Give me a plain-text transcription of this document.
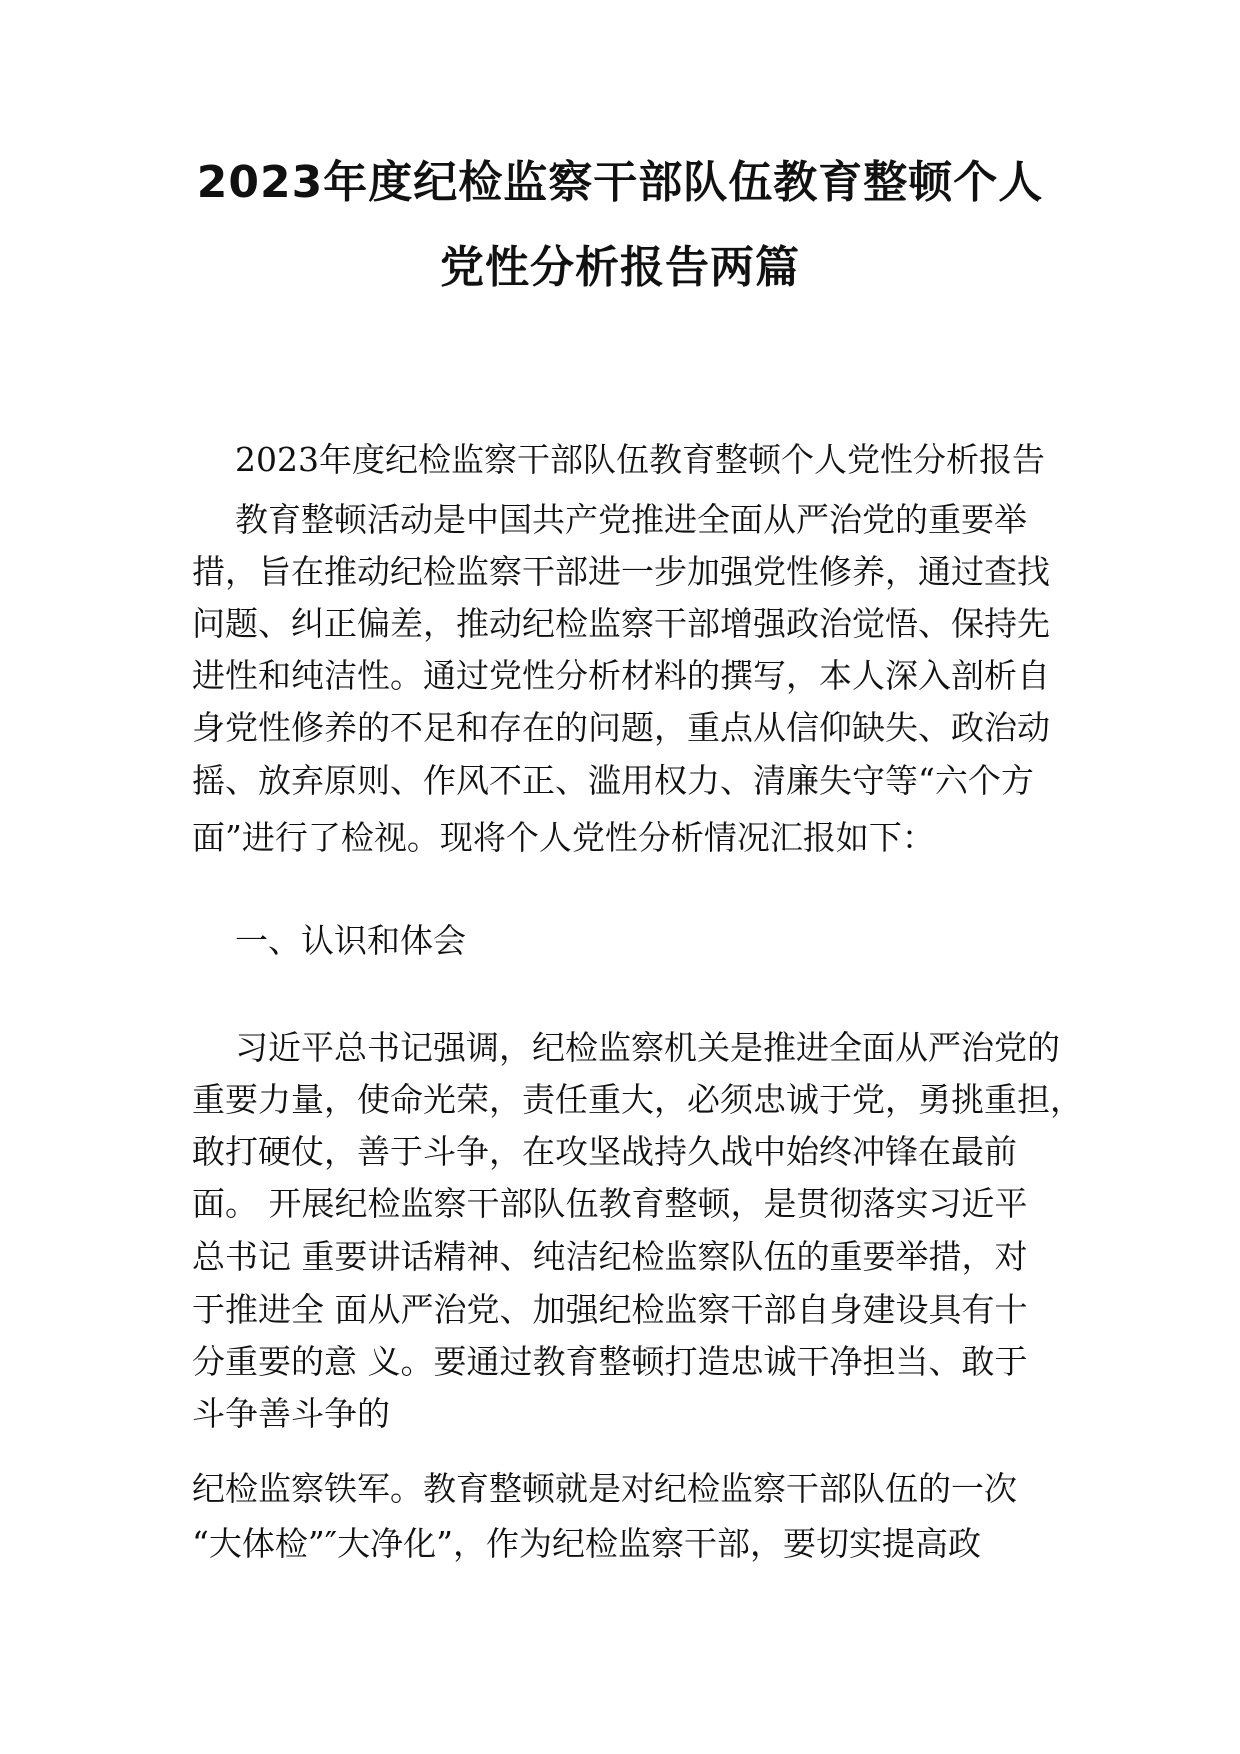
2023年度纪检监察干部队伍教育整顿个人
党性分析报告两篇

2023年度纪检监察干部队伍教育整顿个人党性分析报告

教育整顿活动是中国共产党推进全面从严治党的重要举

措，旨在推动纪检监察干部进一步加强党性修养，通过查找

问题、纠正偏差，推动纪检监察干部增强政治觉悟、保持先

进性和纯洁性。通过党性分析材料的撰写，本人深入剖析自

身党性修养的不足和存在的问题，重点从信仰缺失、政治动

摇、放弃原则、作风不正、滥用权力、清廉失守等“六个方

面”进行了检视。现将个人党性分析情况汇报如下：

一、认识和体会

习近平总书记强调，纪检监察机关是推进全面从严治党的

重要力量，使命光荣，责任重大，必须忠诚于党，勇挑重担，

敢打硬仗，善于斗争，在攻坚战持久战中始终冲锋在最前

面。 开展纪检监察干部队伍教育整顿，是贯彻落实习近平

总书记 重要讲话精神、纯洁纪检监察队伍的重要举措，对

于推进全 面从严治党、加强纪检监察干部自身建设具有十

分重要的意 义。要通过教育整顿打造忠诚干净担当、敢于

斗争善斗争的

纪检监察铁军。教育整顿就是对纪检监察干部队伍的一次

“大体检”″大净化”，作为纪检监察干部，要切实提高政
